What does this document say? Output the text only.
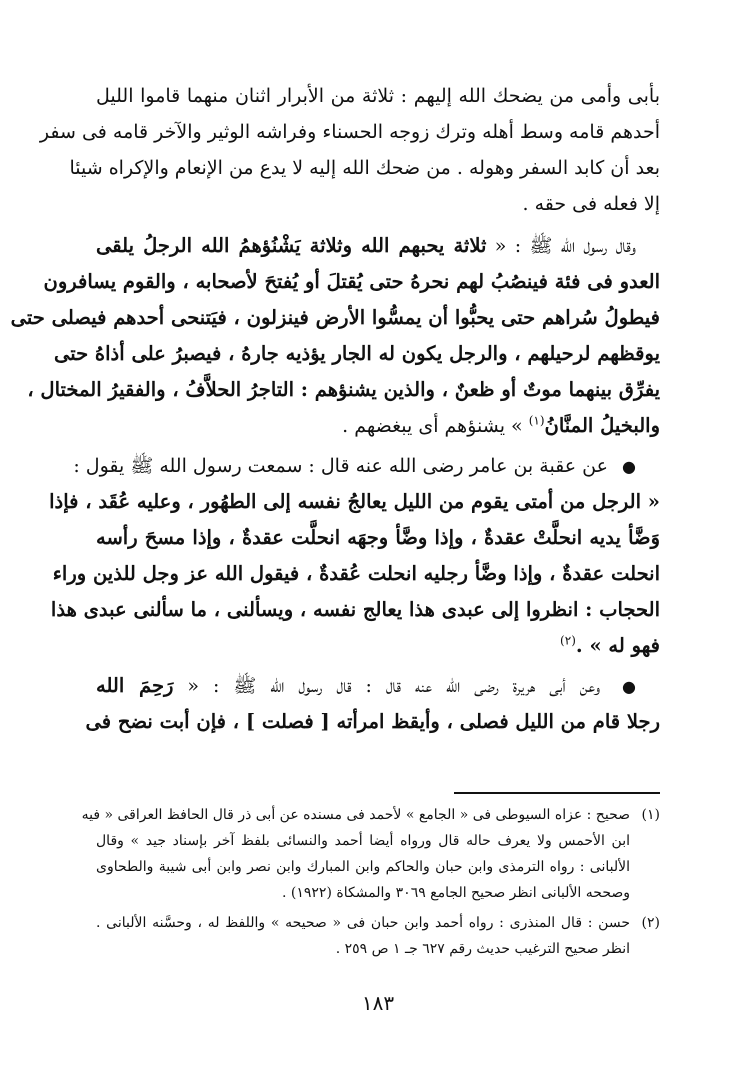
بأبى وأمى من يضحك الله إليهم : ثلاثة من الأبرار اثنان منهما قاموا الليل
أحدهم قامه وسط أهله وترك زوجه الحسناء وفراشه الوثير والآخر قامه فى سفر
بعد أن كابد السفر وهوله . من ضحك الله إليه لا يدع من الإنعام والإكراه شيئا
إلا فعله فى حقه .
وقال رسول الله ﷺ : « ثلاثة يحبهم الله وثلاثة يَشْنُؤهمُ الله الرجلُ يلقى
العدو فى فئة فينصُبُ لهم نحرهُ حتى يُقتلَ أو يُفتحَ لأصحابه ، والقوم يسافرون
فيطولُ سُراهم حتى يحبُّوا أن يمسُّوا الأرض فينزلون ، فيَتنحى أحدهم فيصلى حتى
يوقظهم لرحيلهم ، والرجل يكون له الجار يؤذيه جارهُ ، فيصبرُ على أذاهُ حتى
يفرِّق بينهما موتٌ أو ظعنٌ ، والذين يشنؤهم : التاجرُ الحلاَّفُ ، والفقيرُ المختال ،
والبخيلُ المنَّانُ$^{(١)}$ » يشنؤهم أى يبغضهم .
● عن عقبة بن عامر رضى الله عنه قال : سمعت رسول الله ﷺ يقول :
« الرجل من أمتى يقوم من الليل يعالجُ نفسه إلى الطهُور ، وعليه عُقَد ، فإذا
وَضَّأ يديه انحلَّتْ عقدةٌ ، وإذا وضَّأ وجهَه انحلَّت عقدةٌ ، وإذا مسحَ رأسه
انحلت عقدةٌ ، وإذا وضَّأ رجليه انحلت عُقدةٌ ، فيقول الله عز وجل للذين وراء
الحجاب : انظروا إلى عبدى هذا يعالج نفسه ، ويسألنى ، ما سألنى عبدى هذا
فهو له » .$^{(٢)}$
● وعن أبى هريرة رضى الله عنه قال : قال رسول الله ﷺ : « رَحِمَ الله
رجلا قام من الليل فصلى ، وأيقظ امرأته [ فصلت ] ، فإن أبت نضح فى
(١)
صحيح : عزاه السيوطى فى « الجامع » لأحمد فى مسنده عن أبى ذر قال الحافظ العراقى « فيه
ابن الأحمس ولا يعرف حاله قال ورواه أيضا أحمد والنسائى بلفظ آخر بإسناد جيد » وقال
الألبانى : رواه الترمذى وابن حبان والحاكم وابن المبارك وابن نصر وابن أبى شيبة والطحاوى
وصححه الألبانى انظر صحيح الجامع ٣٠٦٩ والمشكاة (١٩٢٢) .
(٢)
حسن : قال المنذرى : رواه أحمد وابن حبان فى « صحيحه » واللفظ له ، وحسَّنه الألبانى .
انظر صحيح الترغيب حديث رقم ٦٢٧ جـ ١ ص ٢٥٩ .
١٨٣
